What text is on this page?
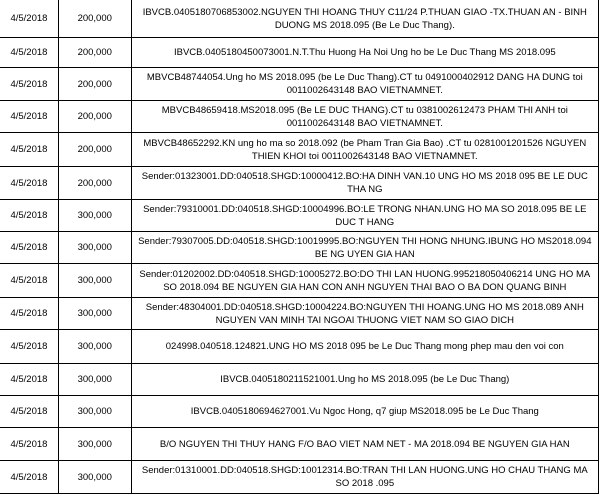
4/5/2018	200,000	IBVCB.0405180706853002.NGUYEN THI HOANG THUY C11/24 P.THUAN GIAO -TX.THUAN AN - BINH DUONG MS 2018.095 (Be Le Duc Thang).
4/5/2018	200,000	IBVCB.0405180450073001.N.T.Thu Huong Ha Noi Ung ho be Le Duc Thang MS 2018.095
4/5/2018	200,000	MBVCB48744054.Ung ho MS 2018.095 (be Le Duc Thang).CT tu 0491000402912 DANG HA DUNG toi 0011002643148 BAO VIETNAMNET.
4/5/2018	200,000	MBVCB48659418.MS2018.095 (Be LE DUC THANG).CT tu 0381002612473 PHAM THI ANH toi 0011002643148 BAO VIETNAMNET.
4/5/2018	200,000	MBVCB48652292.KN ung ho ma so 2018.092 (be Pham Tran Gia Bao) .CT tu 0281001201526 NGUYEN THIEN KHOI toi 0011002643148 BAO VIETNAMNET.
4/5/2018	200,000	Sender:01323001.DD:040518.SHGD:10000412.BO:HA DINH VAN.10 UNG HO MS 2018 095 BE LE DUC THA NG
4/5/2018	300,000	Sender:79310001.DD:040518.SHGD:10004996.BO:LE TRONG NHAN.UNG HO MA SO 2018.095 BE LE DUC T HANG
4/5/2018	300,000	Sender:79307005.DD:040518.SHGD:10019995.BO:NGUYEN THI HONG NHUNG.IBUNG HO MS2018.094 BE NG UYEN GIA HAN
4/5/2018	300,000	Sender:01202002.DD:040518.SHGD:10005272.BO:DO THI LAN HUONG.995218050406214 UNG HO MA SO 2018.094 BE NGUYEN GIA HAN CON ANH NGUYEN THAI BAO O BA DON QUANG BINH
4/5/2018	300,000	Sender:48304001.DD:040518.SHGD:10004224.BO:NGUYEN THI HOANG.UNG HO MS 2018.089 ANH NGUYEN VAN MINH TAI NGOAI THUONG VIET NAM SO GIAO DICH
4/5/2018	300,000	024998.040518.124821.UNG HO MS 2018 095 be Le Duc Thang mong phep mau den voi con
4/5/2018	300,000	IBVCB.0405180211521001.Ung ho MS 2018.095 (be Le Duc Thang)
4/5/2018	300,000	IBVCB.0405180694627001.Vu Ngoc Hong, q7 giup MS2018.095 be Le Duc Thang
4/5/2018	300,000	B/O NGUYEN THI THUY HANG F/O BAO VIET NAM NET - MA 2018.094 BE NGUYEN GIA HAN
4/5/2018	300,000	Sender:01310001.DD:040518.SHGD:10012314.BO:TRAN THI LAN HUONG.UNG HO CHAU THANG MA SO 2018 .095
